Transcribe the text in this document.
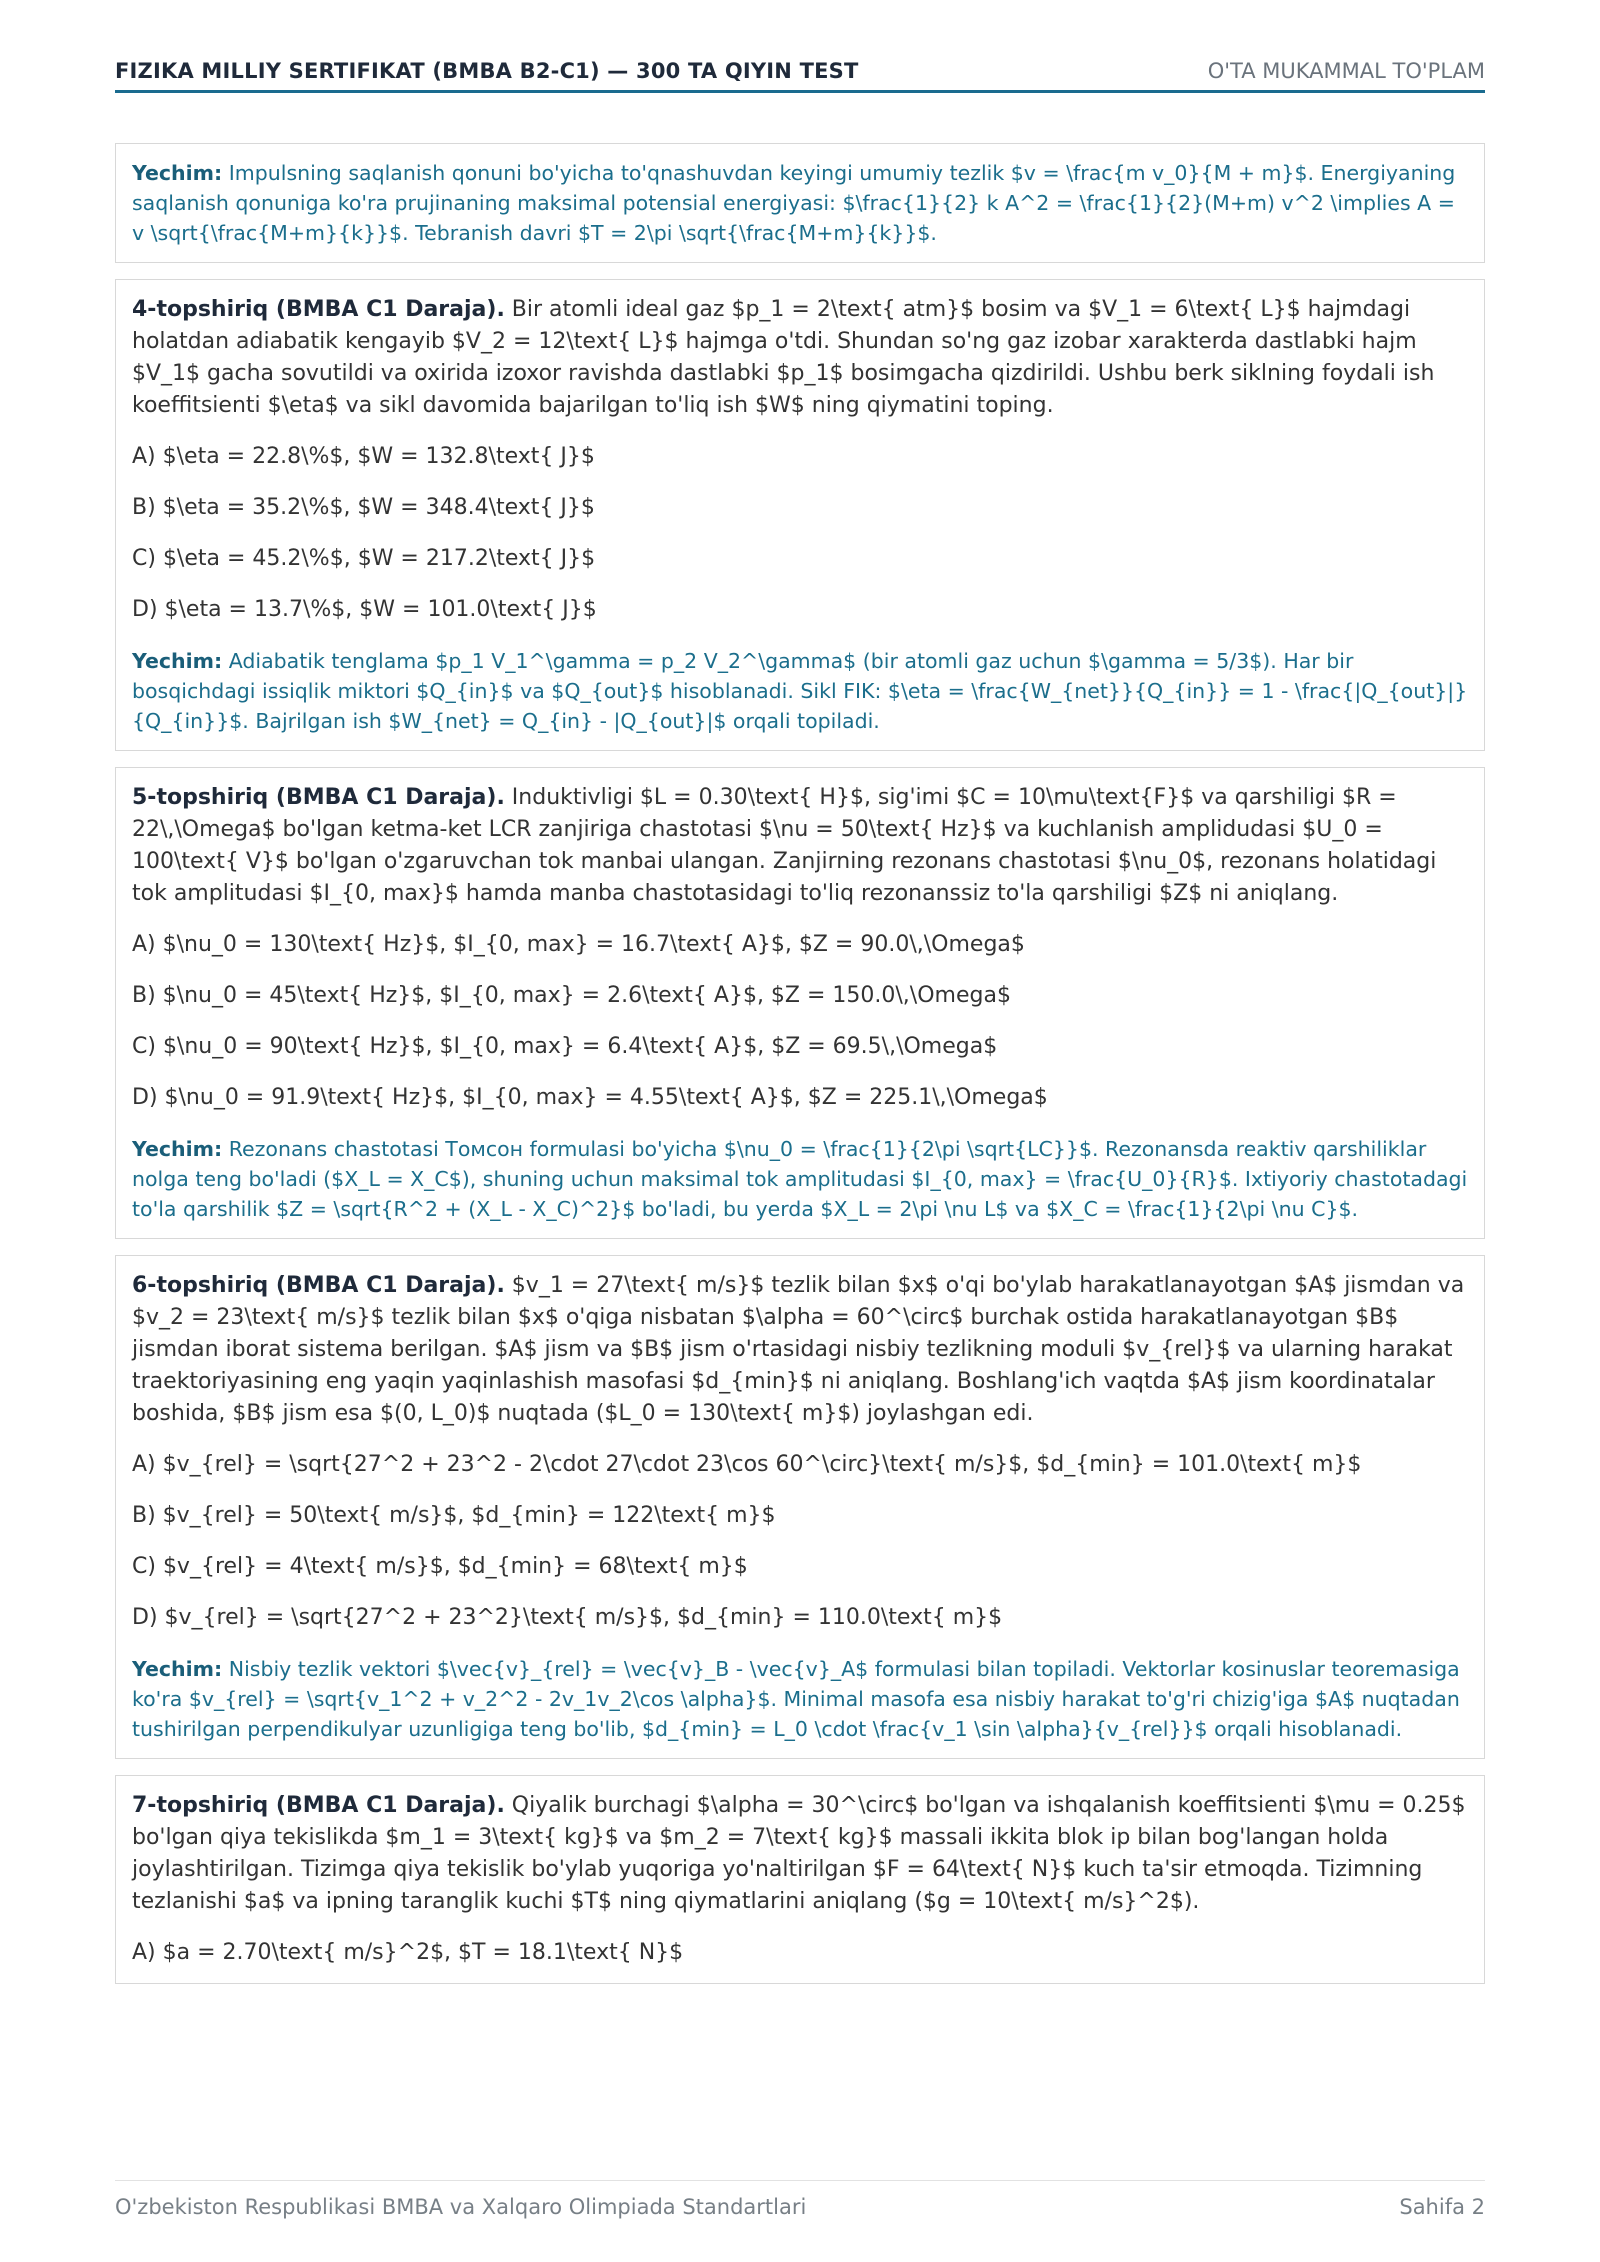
FIZIKA MILLIY SERTIFIKAT (BMBA B2-C1) — 300 TA QIYIN TEST	O'TA MUKAMMAL TO'PLAM
Yechim: Impulsning saqlanish qonuni bo'yicha to'qnashuvdan keyingi umumiy tezlik $v = \frac{m v_0}{M + m}$. Energiyaning saqlanish qonuniga ko'ra prujinaning maksimal potensial energiyasi: $\frac{1}{2} k A^2 = \frac{1}{2}(M+m) v^2 \implies A = v \sqrt{\frac{M+m}{k}}$. Tebranish davri $T = 2\pi \sqrt{\frac{M+m}{k}}$.

4-topshiriq (BMBA C1 Daraja). Bir atomli ideal gaz $p_1 = 2\text{ atm}$ bosim va $V_1 = 6\text{ L}$ hajmdagi holatdan adiabatik kengayib $V_2 = 12\text{ L}$ hajmga o'tdi. Shundan so'ng gaz izobar xarakterda dastlabki hajm $V_1$ gacha sovutildi va oxirida izoxor ravishda dastlabki $p_1$ bosimgacha qizdirildi. Ushbu berk siklning foydali ish koeffitsienti $\eta$ va sikl davomida bajarilgan to'liq ish $W$ ning qiymatini toping.

A) $\eta = 22.8\%$, $W = 132.8\text{ J}$
B) $\eta = 35.2\%$, $W = 348.4\text{ J}$
C) $\eta = 45.2\%$, $W = 217.2\text{ J}$
D) $\eta = 13.7\%$, $W = 101.0\text{ J}$
Yechim: Adiabatik tenglama $p_1 V_1^\gamma = p_2 V_2^\gamma$ (bir atomli gaz uchun $\gamma = 5/3$). Har bir bosqichdagi issiqlik miktori $Q_{in}$ va $Q_{out}$ hisoblanadi. Sikl FIK: $\eta = \frac{W_{net}}{Q_{in}} = 1 - \frac{|Q_{out}|}{Q_{in}}$. Bajrilgan ish $W_{net} = Q_{in} - |Q_{out}|$ orqali topiladi.

5-topshiriq (BMBA C1 Daraja). Induktivligi $L = 0.30\text{ H}$, sig'imi $C = 10\mu\text{F}$ va qarshiligi $R = 22\,\Omega$ bo'lgan ketma-ket LCR zanjiriga chastotasi $\nu = 50\text{ Hz}$ va kuchlanish amplidudasi $U_0 = 100\text{ V}$ bo'lgan o'zgaruvchan tok manbai ulangan. Zanjirning rezonans chastotasi $\nu_0$, rezonans holatidagi tok amplitudasi $I_{0, max}$ hamda manba chastotasidagi to'liq rezonanssiz to'la qarshiligi $Z$ ni aniqlang.

A) $\nu_0 = 130\text{ Hz}$, $I_{0, max} = 16.7\text{ A}$, $Z = 90.0\,\Omega$
B) $\nu_0 = 45\text{ Hz}$, $I_{0, max} = 2.6\text{ A}$, $Z = 150.0\,\Omega$
C) $\nu_0 = 90\text{ Hz}$, $I_{0, max} = 6.4\text{ A}$, $Z = 69.5\,\Omega$
D) $\nu_0 = 91.9\text{ Hz}$, $I_{0, max} = 4.55\text{ A}$, $Z = 225.1\,\Omega$
Yechim: Rezonans chastotasi Томсон formulasi bo'yicha $\nu_0 = \frac{1}{2\pi \sqrt{LC}}$. Rezonansda reaktiv qarshiliklar nolga teng bo'ladi ($X_L = X_C$), shuning uchun maksimal tok amplitudasi $I_{0, max} = \frac{U_0}{R}$. Ixtiyoriy chastotadagi to'la qarshilik $Z = \sqrt{R^2 + (X_L - X_C)^2}$ bo'ladi, bu yerda $X_L = 2\pi \nu L$ va $X_C = \frac{1}{2\pi \nu C}$.

6-topshiriq (BMBA C1 Daraja). $v_1 = 27\text{ m/s}$ tezlik bilan $x$ o'qi bo'ylab harakatlanayotgan $A$ jismdan va $v_2 = 23\text{ m/s}$ tezlik bilan $x$ o'qiga nisbatan $\alpha = 60^\circ$ burchak ostida harakatlanayotgan $B$ jismdan iborat sistema berilgan. $A$ jism va $B$ jism o'rtasidagi nisbiy tezlikning moduli $v_{rel}$ va ularning harakat traektoriyasining eng yaqin yaqinlashish masofasi $d_{min}$ ni aniqlang. Boshlang'ich vaqtda $A$ jism koordinatalar boshida, $B$ jism esa $(0, L_0)$ nuqtada ($L_0 = 130\text{ m}$) joylashgan edi.

A) $v_{rel} = \sqrt{27^2 + 23^2 - 2\cdot 27\cdot 23\cos 60^\circ}\text{ m/s}$, $d_{min} = 101.0\text{ m}$
B) $v_{rel} = 50\text{ m/s}$, $d_{min} = 122\text{ m}$
C) $v_{rel} = 4\text{ m/s}$, $d_{min} = 68\text{ m}$
D) $v_{rel} = \sqrt{27^2 + 23^2}\text{ m/s}$, $d_{min} = 110.0\text{ m}$
Yechim: Nisbiy tezlik vektori $\vec{v}_{rel} = \vec{v}_B - \vec{v}_A$ formulasi bilan topiladi. Vektorlar kosinuslar teoremasiga ko'ra $v_{rel} = \sqrt{v_1^2 + v_2^2 - 2v_1v_2\cos \alpha}$. Minimal masofa esa nisbiy harakat to'g'ri chizig'iga $A$ nuqtadan tushirilgan perpendikulyar uzunligiga teng bo'lib, $d_{min} = L_0 \cdot \frac{v_1 \sin \alpha}{v_{rel}}$ orqali hisoblanadi.

7-topshiriq (BMBA C1 Daraja). Qiyalik burchagi $\alpha = 30^\circ$ bo'lgan va ishqalanish koeffitsienti $\mu = 0.25$ bo'lgan qiya tekislikda $m_1 = 3\text{ kg}$ va $m_2 = 7\text{ kg}$ massali ikkita blok ip bilan bog'langan holda joylashtirilgan. Tizimga qiya tekislik bo'ylab yuqoriga yo'naltirilgan $F = 64\text{ N}$ kuch ta'sir etmoqda. Tizimning tezlanishi $a$ va ipning taranglik kuchi $T$ ning qiymatlarini aniqlang ($g = 10\text{ m/s}^2$).

A) $a = 2.70\text{ m/s}^2$, $T = 18.1\text{ N}$
O'zbekiston Respublikasi BMBA va Xalqaro Olimpiada Standartlari	Sahifa 2
